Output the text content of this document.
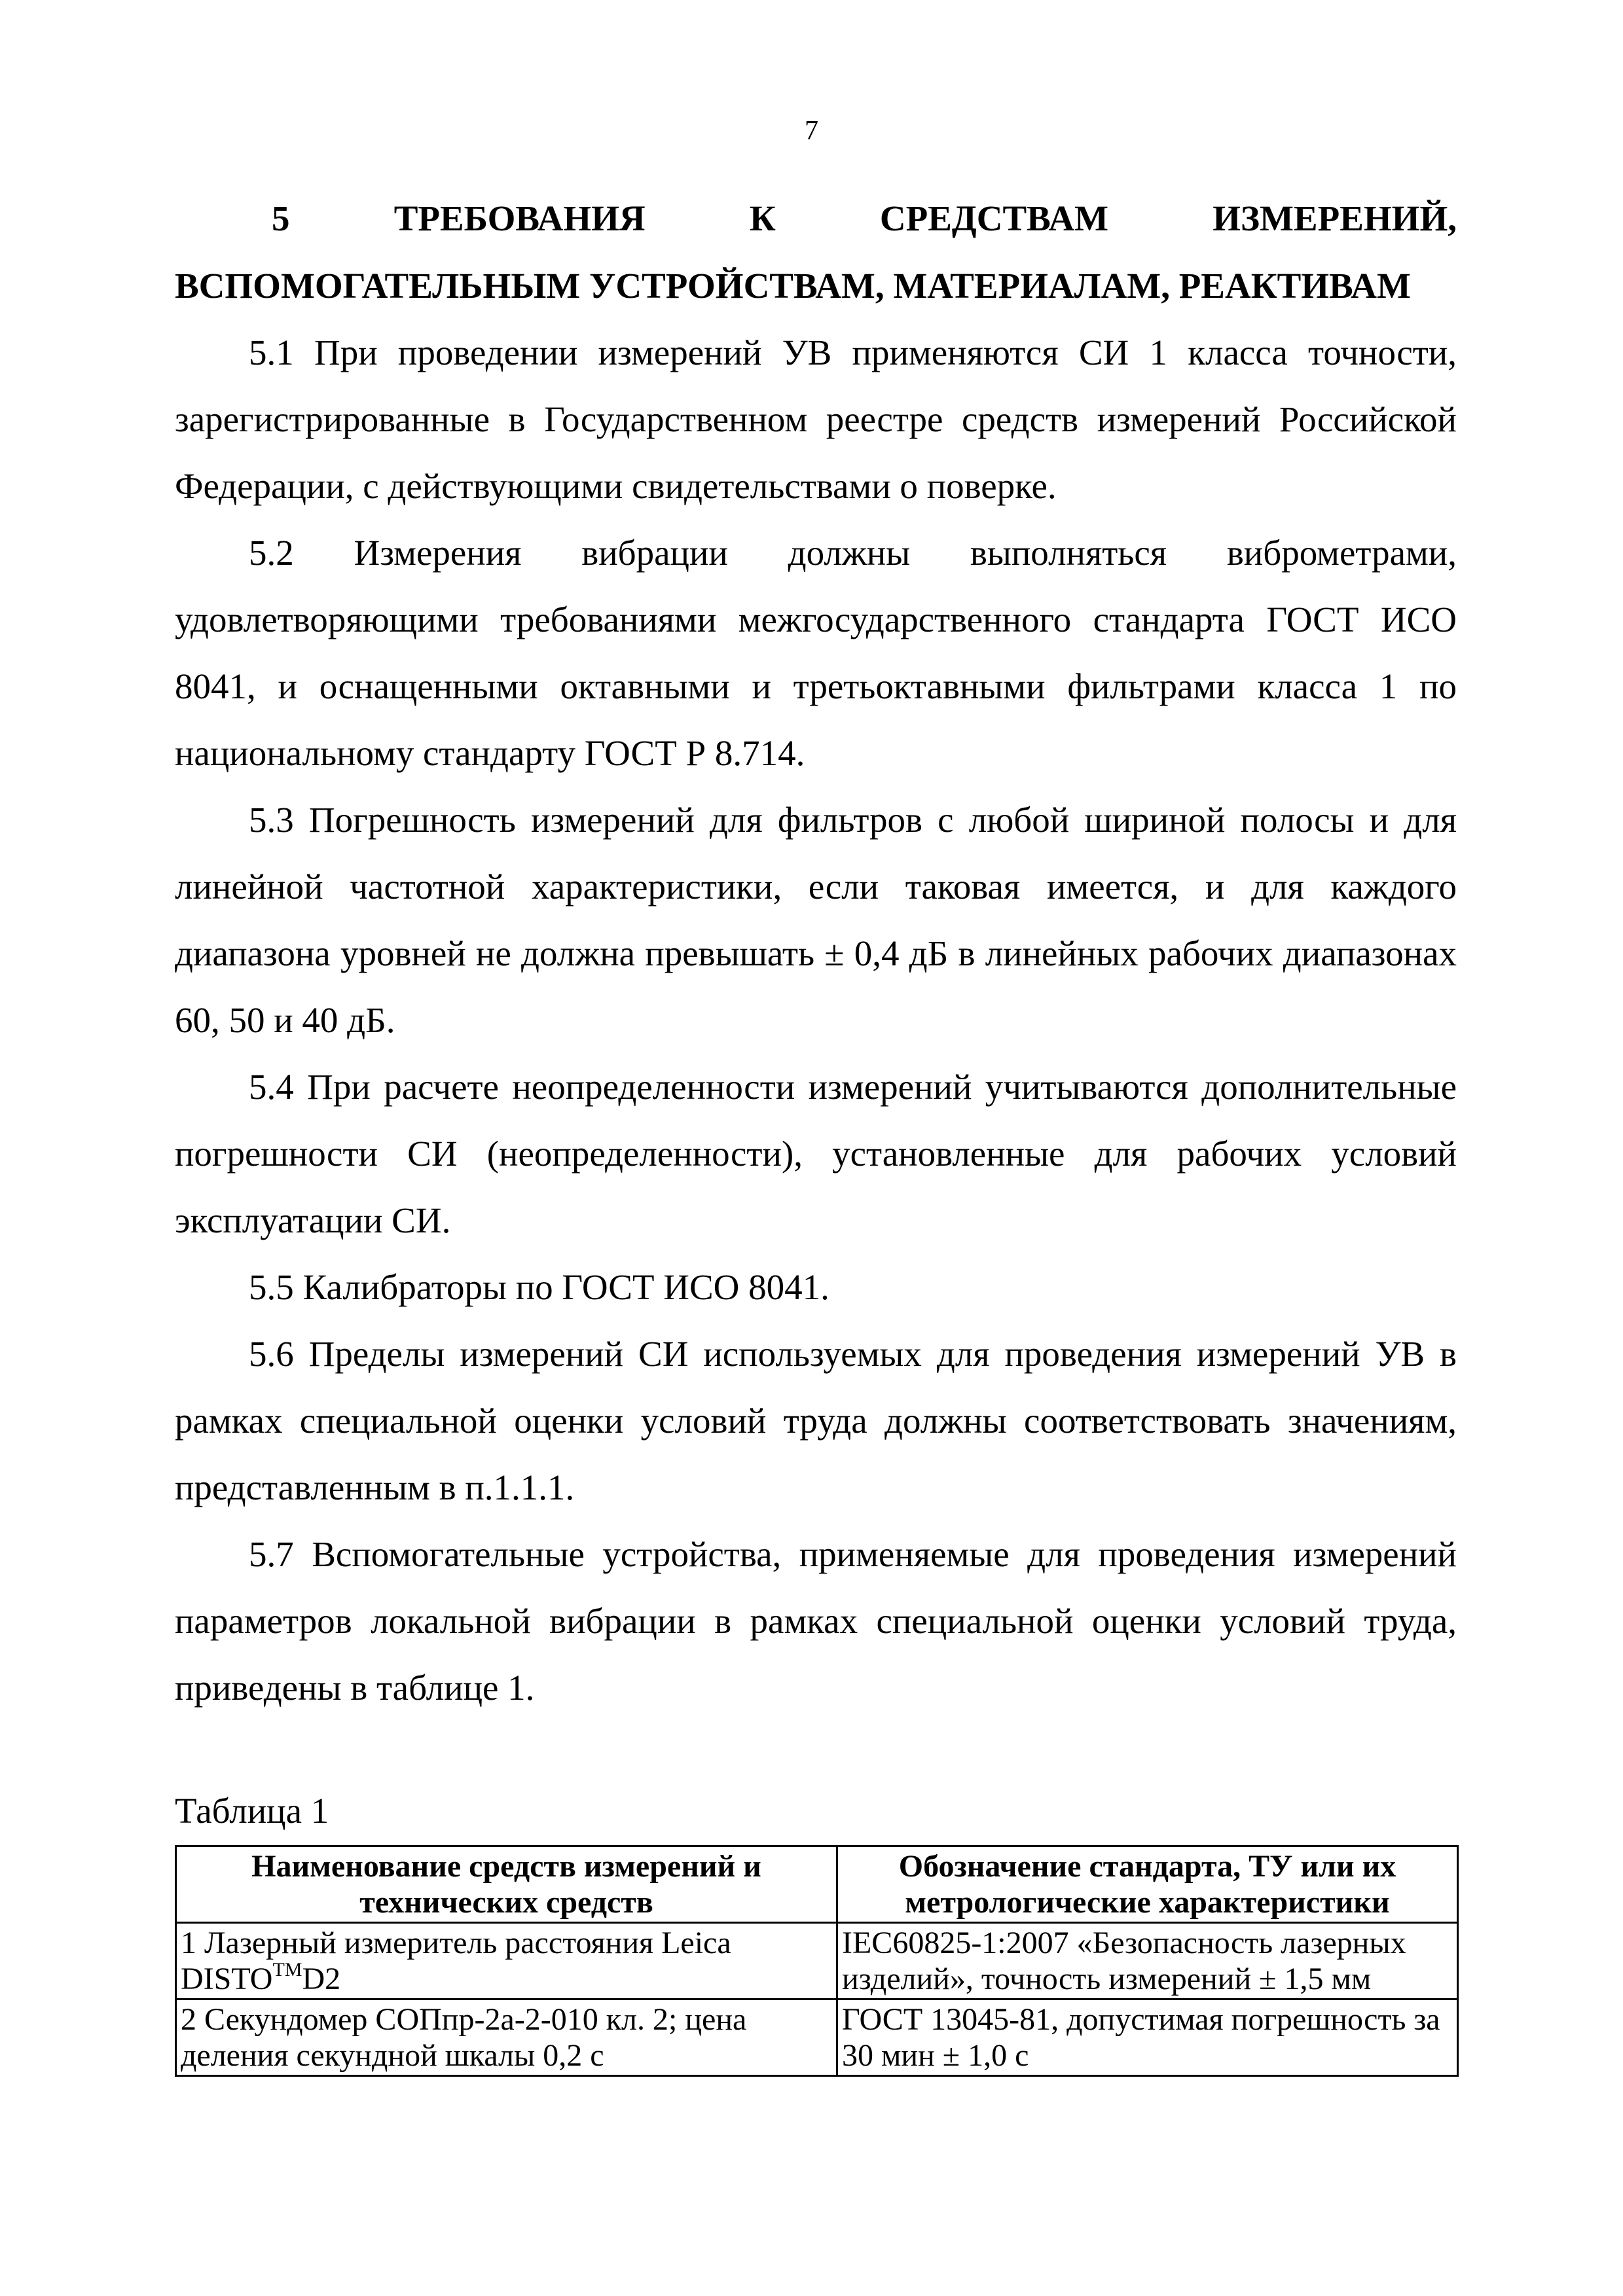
7

5 ТРЕБОВАНИЯ К СРЕДСТВАМ ИЗМЕРЕНИЙ, ВСПОМОГАТЕЛЬНЫМ УСТРОЙСТВАМ, МАТЕРИАЛАМ, РЕАКТИВАМ

5.1 При проведении измерений УВ применяются СИ 1 класса точности, зарегистрированные в Государственном реестре средств измерений Российской Федерации, с действующими свидетельствами о поверке.

5.2 Измерения вибрации должны выполняться виброметрами, удовлетворяющими требованиями межгосударственного стандарта ГОСТ ИСО 8041, и оснащенными октавными и третьоктавными фильтрами класса 1 по национальному стандарту ГОСТ Р 8.714.

5.3 Погрешность измерений для фильтров с любой шириной полосы и для линейной частотной характеристики, если таковая имеется, и для каждого диапазона уровней не должна превышать ± 0,4 дБ в линейных рабочих диапазонах 60, 50 и 40 дБ.

5.4 При расчете неопределенности измерений учитываются дополнительные погрешности СИ (неопределенности), установленные для рабочих условий эксплуатации СИ.

5.5 Калибраторы по ГОСТ ИСО 8041.

5.6 Пределы измерений СИ используемых для проведения измерений УВ в рамках специальной оценки условий труда должны соответствовать значениям, представленным в п.1.1.1.

5.7 Вспомогательные устройства, применяемые для проведения измерений параметров локальной вибрации в рамках специальной оценки условий труда, приведены в таблице 1.

Таблица 1

Наименование средств измерений и технических средств	Обозначение стандарта, ТУ или их метрологические характеристики
1 Лазерный измеритель расстояния Leica DISTO™D2	IEC60825-1:2007 «Безопасность лазерных изделий», точность измерений ± 1,5 мм
2 Секундомер СОПпр-2а-2-010 кл. 2; цена деления секундной шкалы 0,2 с	ГОСТ 13045-81, допустимая погрешность за 30 мин ± 1,0 с
